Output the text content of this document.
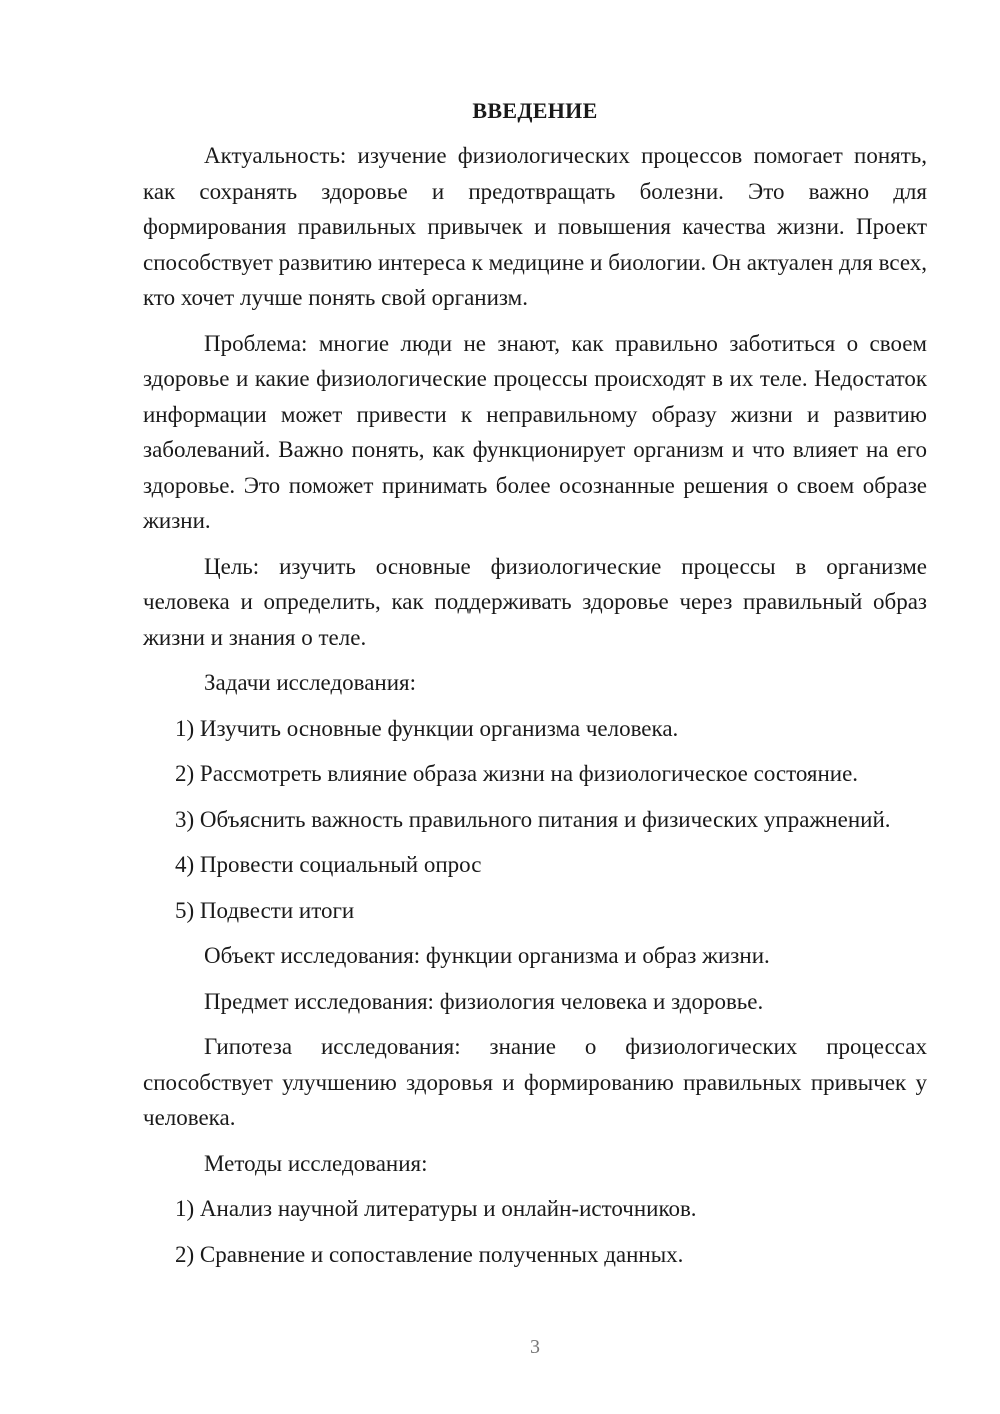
ВВЕДЕНИЕ

Актуальность: изучение физиологических процессов помогает понять, как сохранять здоровье и предотвращать болезни. Это важно для формирования правильных привычек и повышения качества жизни. Проект способствует развитию интереса к медицине и биологии. Он актуален для всех, кто хочет лучше понять свой организм.

Проблема: многие люди не знают, как правильно заботиться о своем здоровье и какие физиологические процессы происходят в их теле. Недостаток информации может привести к неправильному образу жизни и развитию заболеваний. Важно понять, как функционирует организм и что влияет на его здоровье. Это поможет принимать более осознанные решения о своем образе жизни.

Цель: изучить основные физиологические процессы в организме человека и определить, как поддерживать здоровье через правильный образ жизни и знания о теле.

Задачи исследования:

1) Изучить основные функции организма человека.

2) Рассмотреть влияние образа жизни на физиологическое состояние.

3) Объяснить важность правильного питания и физических упражнений.

4) Провести социальный опрос

5) Подвести итоги

Объект исследования: функции организма и образ жизни.

Предмет исследования: физиология человека и здоровье.

Гипотеза исследования: знание о физиологических процессах способствует улучшению здоровья и формированию правильных привычек у человека.

Методы исследования:

1) Анализ научной литературы и онлайн-источников.

2) Сравнение и сопоставление полученных данных.

3
